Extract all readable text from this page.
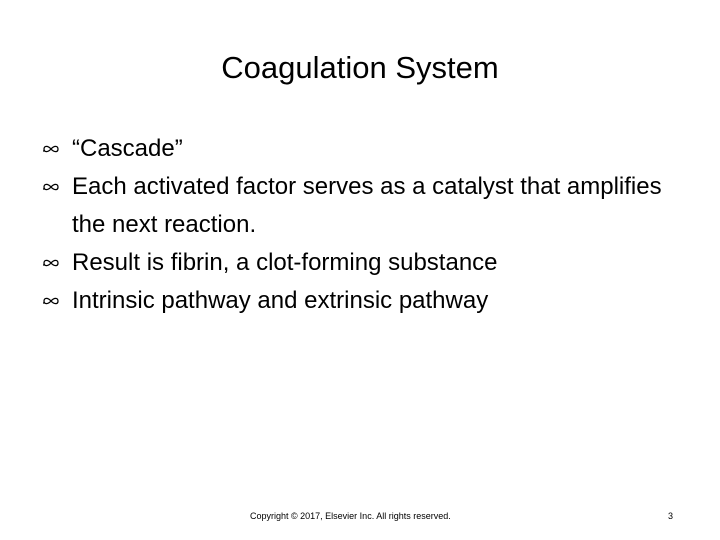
Coagulation System
“Cascade”
Each activated factor serves as a catalyst that amplifies the next reaction.
Result is fibrin, a clot-forming substance
Intrinsic pathway and extrinsic pathway
Copyright © 2017, Elsevier Inc. All rights reserved.	3
